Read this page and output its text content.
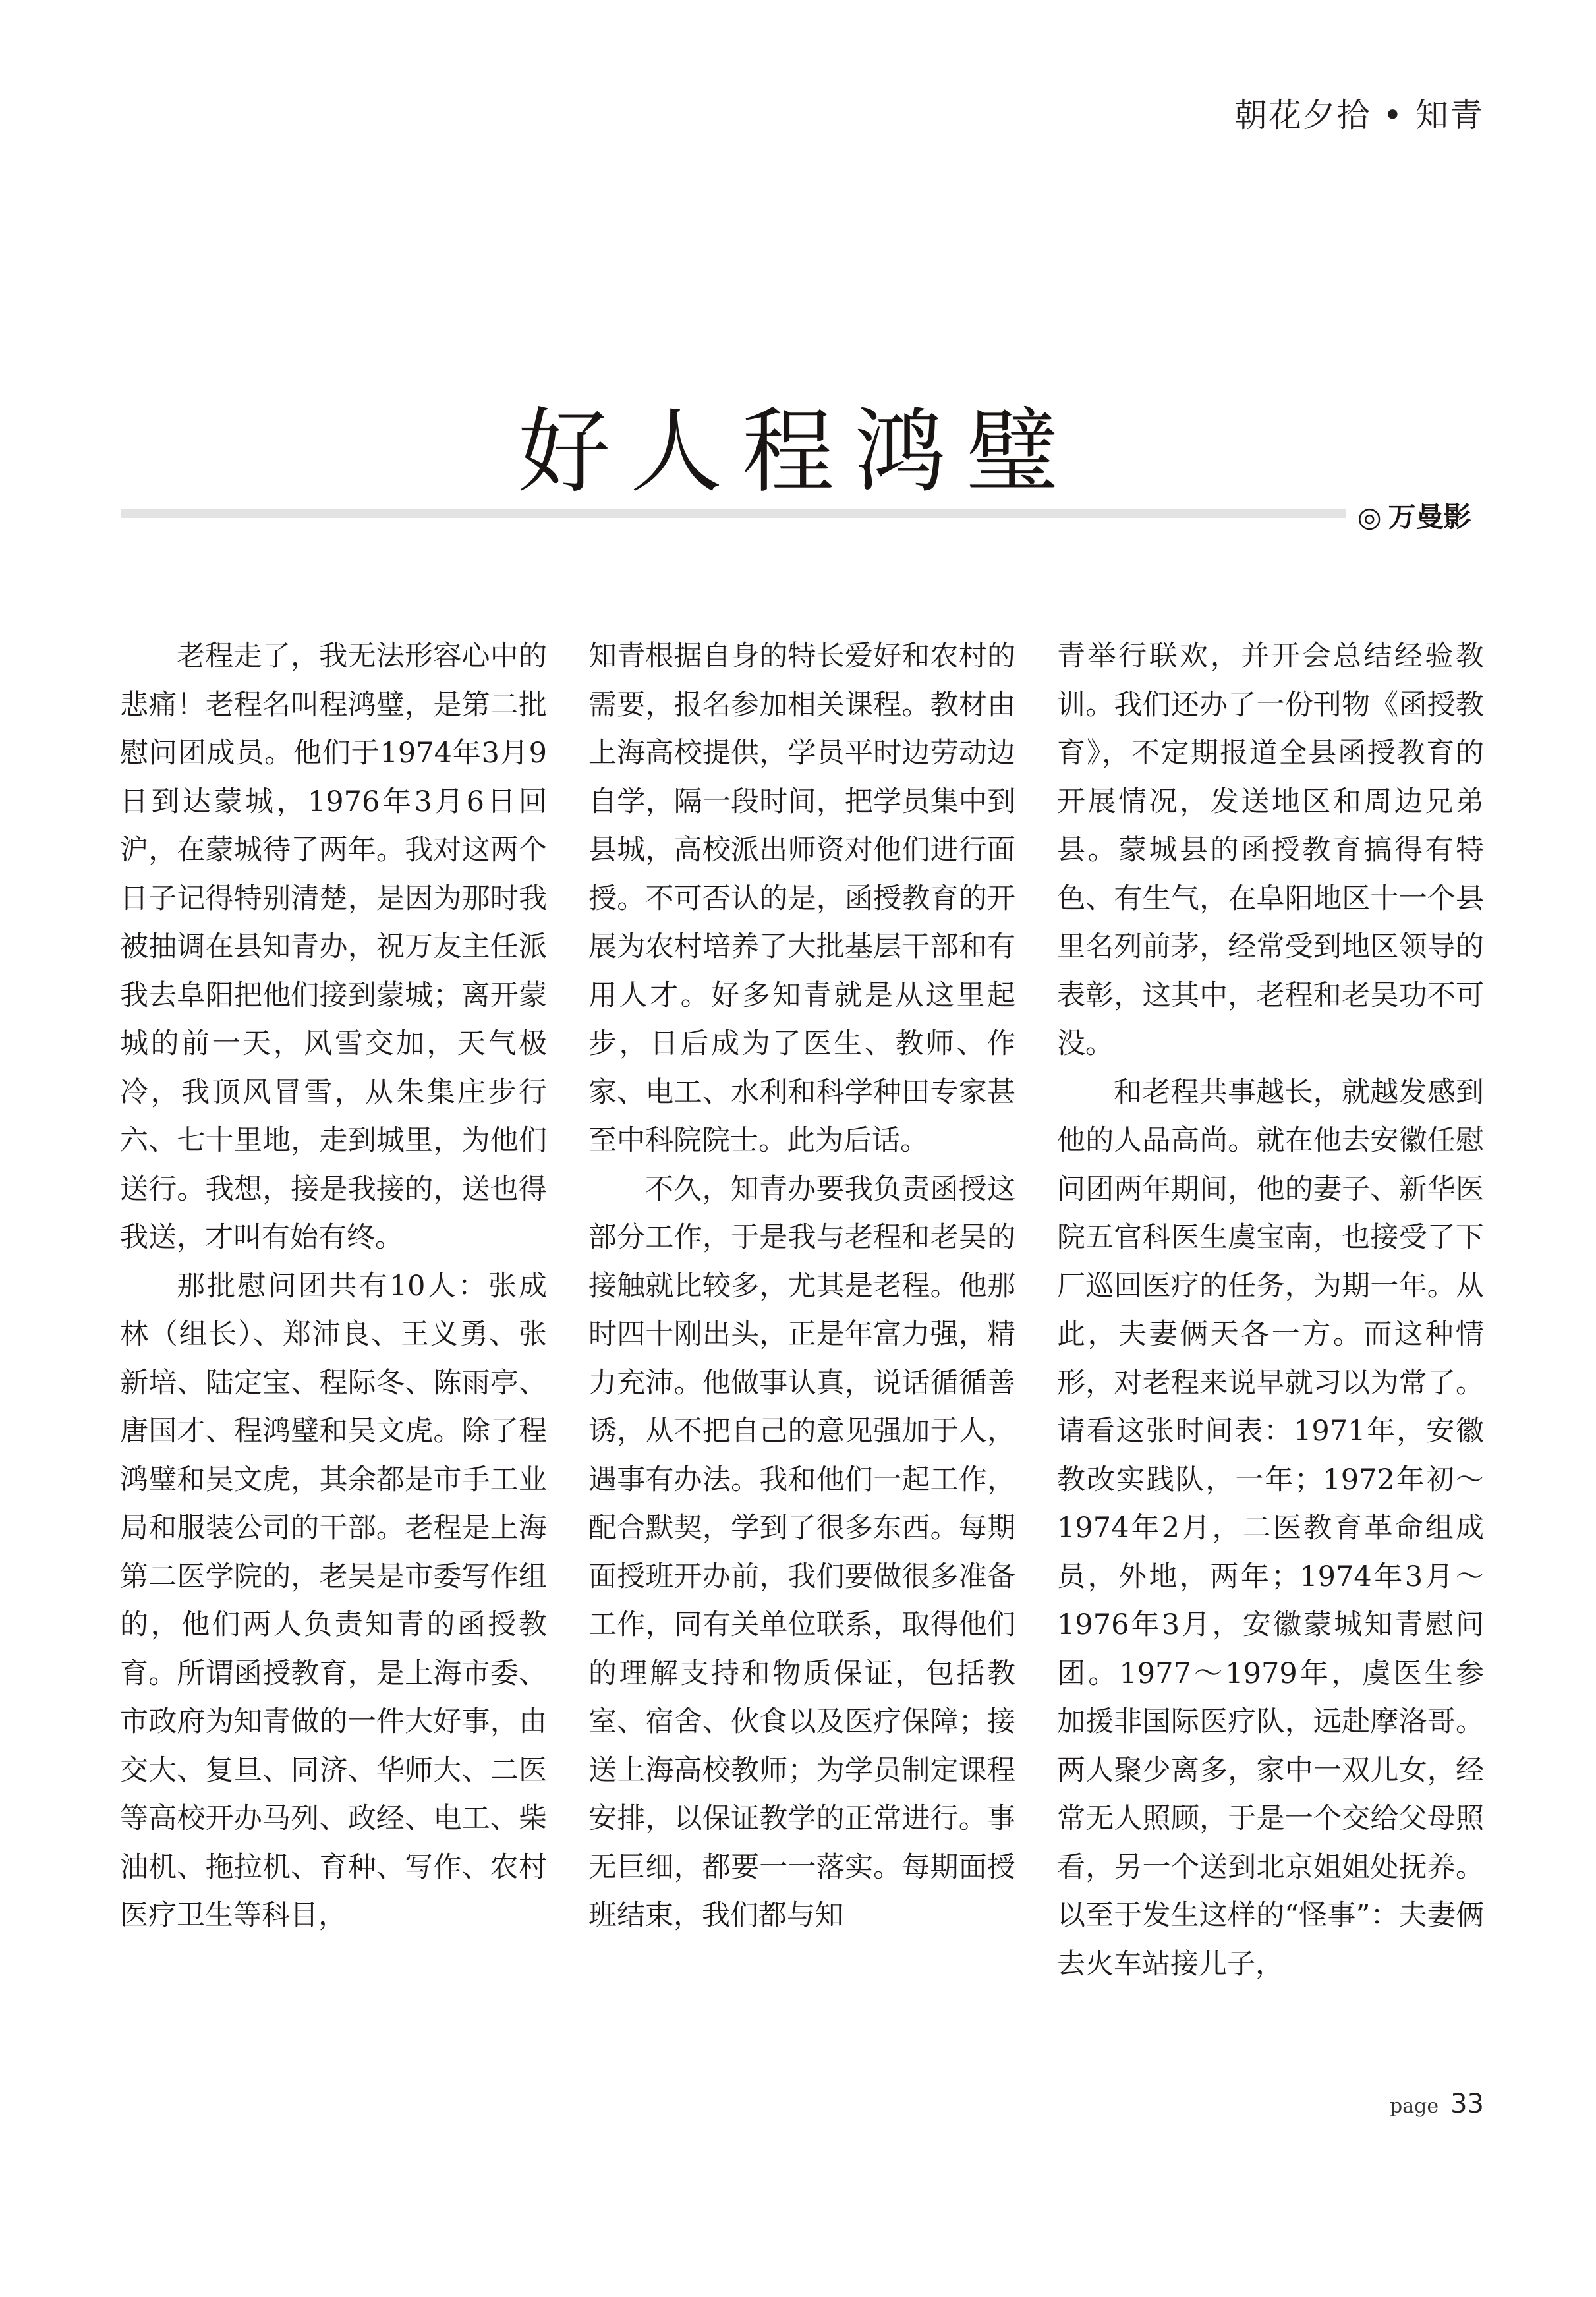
朝花夕拾 • 知青
好人程鸿璧
◎ 万曼影

老程走了，我无法形容心中的悲痛！老程名叫程鸿璧，是第二批慰问团成员。他们于1974年3月9日到达蒙城，1976年3月6日回沪，在蒙城待了两年。我对这两个日子记得特别清楚，是因为那时我被抽调在县知青办，祝万友主任派我去阜阳把他们接到蒙城；离开蒙城的前一天，风雪交加，天气极冷，我顶风冒雪，从朱集庄步行六、七十里地，走到城里，为他们送行。我想，接是我接的，送也得我送，才叫有始有终。

那批慰问团共有10人：张成林（组长）、郑沛良、王义勇、张新培、陆定宝、程际冬、陈雨亭、唐国才、程鸿璧和吴文虎。除了程鸿璧和吴文虎，其余都是市手工业局和服装公司的干部。老程是上海第二医学院的，老吴是市委写作组的，他们两人负责知青的函授教育。所谓函授教育，是上海市委、市政府为知青做的一件大好事，由交大、复旦、同济、华师大、二医等高校开办马列、政经、电工、柴油机、拖拉机、育种、写作、农村医疗卫生等科目，

知青根据自身的特长爱好和农村的需要，报名参加相关课程。教材由上海高校提供，学员平时边劳动边自学，隔一段时间，把学员集中到县城，高校派出师资对他们进行面授。不可否认的是，函授教育的开展为农村培养了大批基层干部和有用人才。好多知青就是从这里起步，日后成为了医生、教师、作家、电工、水利和科学种田专家甚至中科院院士。此为后话。

不久，知青办要我负责函授这部分工作，于是我与老程和老吴的接触就比较多，尤其是老程。他那时四十刚出头，正是年富力强，精力充沛。他做事认真，说话循循善诱，从不把自己的意见强加于人，遇事有办法。我和他们一起工作，配合默契，学到了很多东西。每期面授班开办前，我们要做很多准备工作，同有关单位联系，取得他们的理解支持和物质保证，包括教室、宿舍、伙食以及医疗保障；接送上海高校教师；为学员制定课程安排，以保证教学的正常进行。事无巨细，都要一一落实。每期面授班结束，我们都与知

青举行联欢，并开会总结经验教训。我们还办了一份刊物《函授教育》，不定期报道全县函授教育的开展情况，发送地区和周边兄弟县。蒙城县的函授教育搞得有特色、有生气，在阜阳地区十一个县里名列前茅，经常受到地区领导的表彰，这其中，老程和老吴功不可没。

和老程共事越长，就越发感到他的人品高尚。就在他去安徽任慰问团两年期间，他的妻子、新华医院五官科医生虞宝南，也接受了下厂巡回医疗的任务，为期一年。从此，夫妻俩天各一方。而这种情形，对老程来说早就习以为常了。请看这张时间表：1971年，安徽教改实践队，一年；1972年初～1974年2月，二医教育革命组成员，外地，两年；1974年3月～1976年3月，安徽蒙城知青慰问团。1977～1979年，虞医生参加援非国际医疗队，远赴摩洛哥。两人聚少离多，家中一双儿女，经常无人照顾，于是一个交给父母照看，另一个送到北京姐姐处抚养。以至于发生这样的“怪事”：夫妻俩去火车站接儿子，

page 33
